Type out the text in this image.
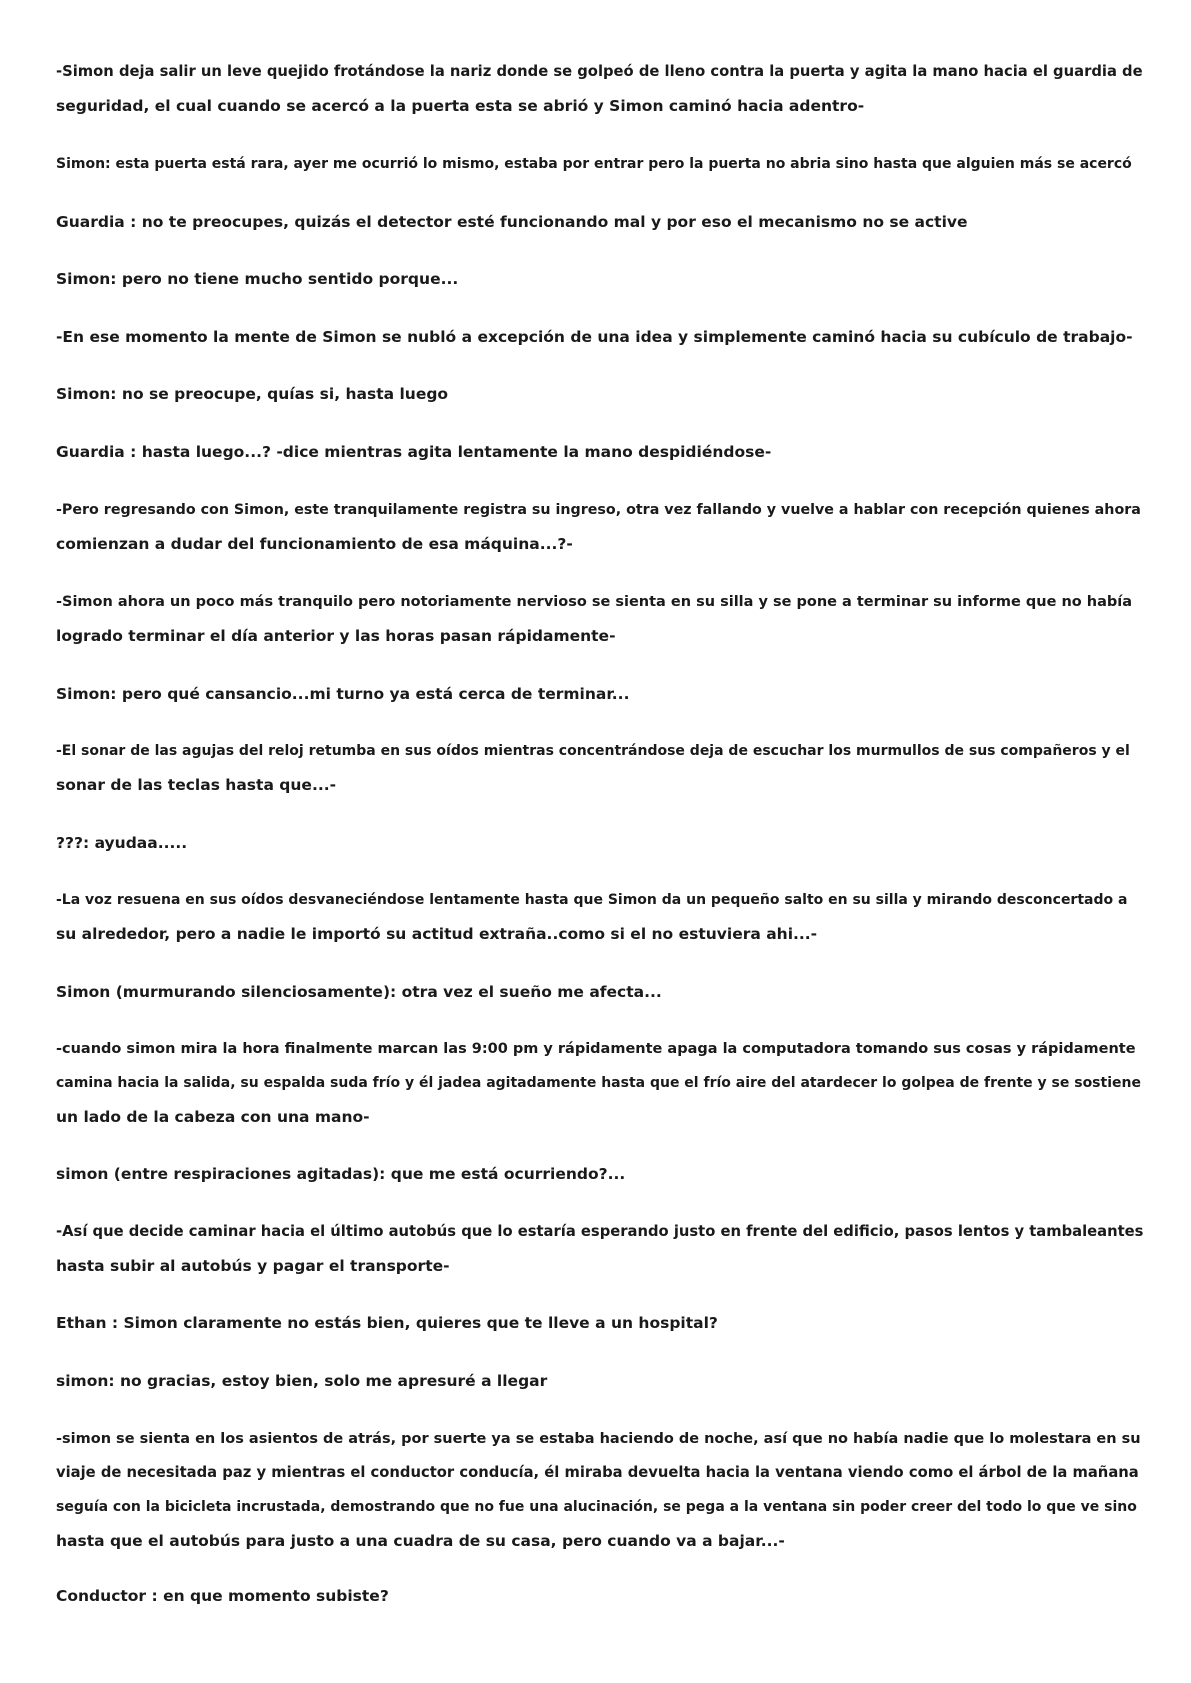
-Simon deja salir un leve quejido frotándose la nariz donde se golpeó de lleno contra la puerta y agita la mano hacia el guardia de
seguridad, el cual cuando se acercó a la puerta esta se abrió y Simon caminó hacia adentro-

Simon: esta puerta está rara, ayer me ocurrió lo mismo, estaba por entrar pero la puerta no abria sino hasta que alguien más se acercó

Guardia : no te preocupes, quizás el detector esté funcionando mal y por eso el mecanismo no se active

Simon: pero no tiene mucho sentido porque...

-En ese momento la mente de Simon se nubló a excepción de una idea y simplemente caminó hacia su cubículo de trabajo-

Simon: no se preocupe, quías si, hasta luego

Guardia : hasta luego...? -dice mientras agita lentamente la mano despidiéndose-

-Pero regresando con Simon, este tranquilamente registra su ingreso, otra vez fallando y vuelve a hablar con recepción quienes ahora
comienzan a dudar del funcionamiento de esa máquina...?-

-Simon ahora un poco más tranquilo pero notoriamente nervioso se sienta en su silla y se pone a terminar su informe que no había
logrado terminar el día anterior y las horas pasan rápidamente-

Simon: pero qué cansancio...mi turno ya está cerca de terminar...

-El sonar de las agujas del reloj retumba en sus oídos mientras concentrándose deja de escuchar los murmullos de sus compañeros y el
sonar de las teclas hasta que...-

???: ayudaa.....

-La voz resuena en sus oídos desvaneciéndose lentamente hasta que Simon da un pequeño salto en su silla y mirando desconcertado a
su alrededor, pero a nadie le importó su actitud extraña..como si el no estuviera ahi...-

Simon (murmurando silenciosamente): otra vez el sueño me afecta...

-cuando simon mira la hora finalmente marcan las 9:00 pm y rápidamente apaga la computadora tomando sus cosas y rápidamente
camina hacia la salida, su espalda suda frío y él jadea agitadamente hasta que el frío aire del atardecer lo golpea de frente y se sostiene
un lado de la cabeza con una mano-

simon (entre respiraciones agitadas): que me está ocurriendo?...

-Así que decide caminar hacia el último autobús que lo estaría esperando justo en frente del edificio, pasos lentos y tambaleantes
hasta subir al autobús y pagar el transporte-

Ethan : Simon claramente no estás bien, quieres que te lleve a un hospital?

simon: no gracias, estoy bien, solo me apresuré a llegar

-simon se sienta en los asientos de atrás, por suerte ya se estaba haciendo de noche, así que no había nadie que lo molestara en su
viaje de necesitada paz y mientras el conductor conducía, él miraba devuelta hacia la ventana viendo como el árbol de la mañana
seguía con la bicicleta incrustada, demostrando que no fue una alucinación, se pega a la ventana sin poder creer del todo lo que ve sino
hasta que el autobús para justo a una cuadra de su casa, pero cuando va a bajar...-

Conductor : en que momento subiste?
